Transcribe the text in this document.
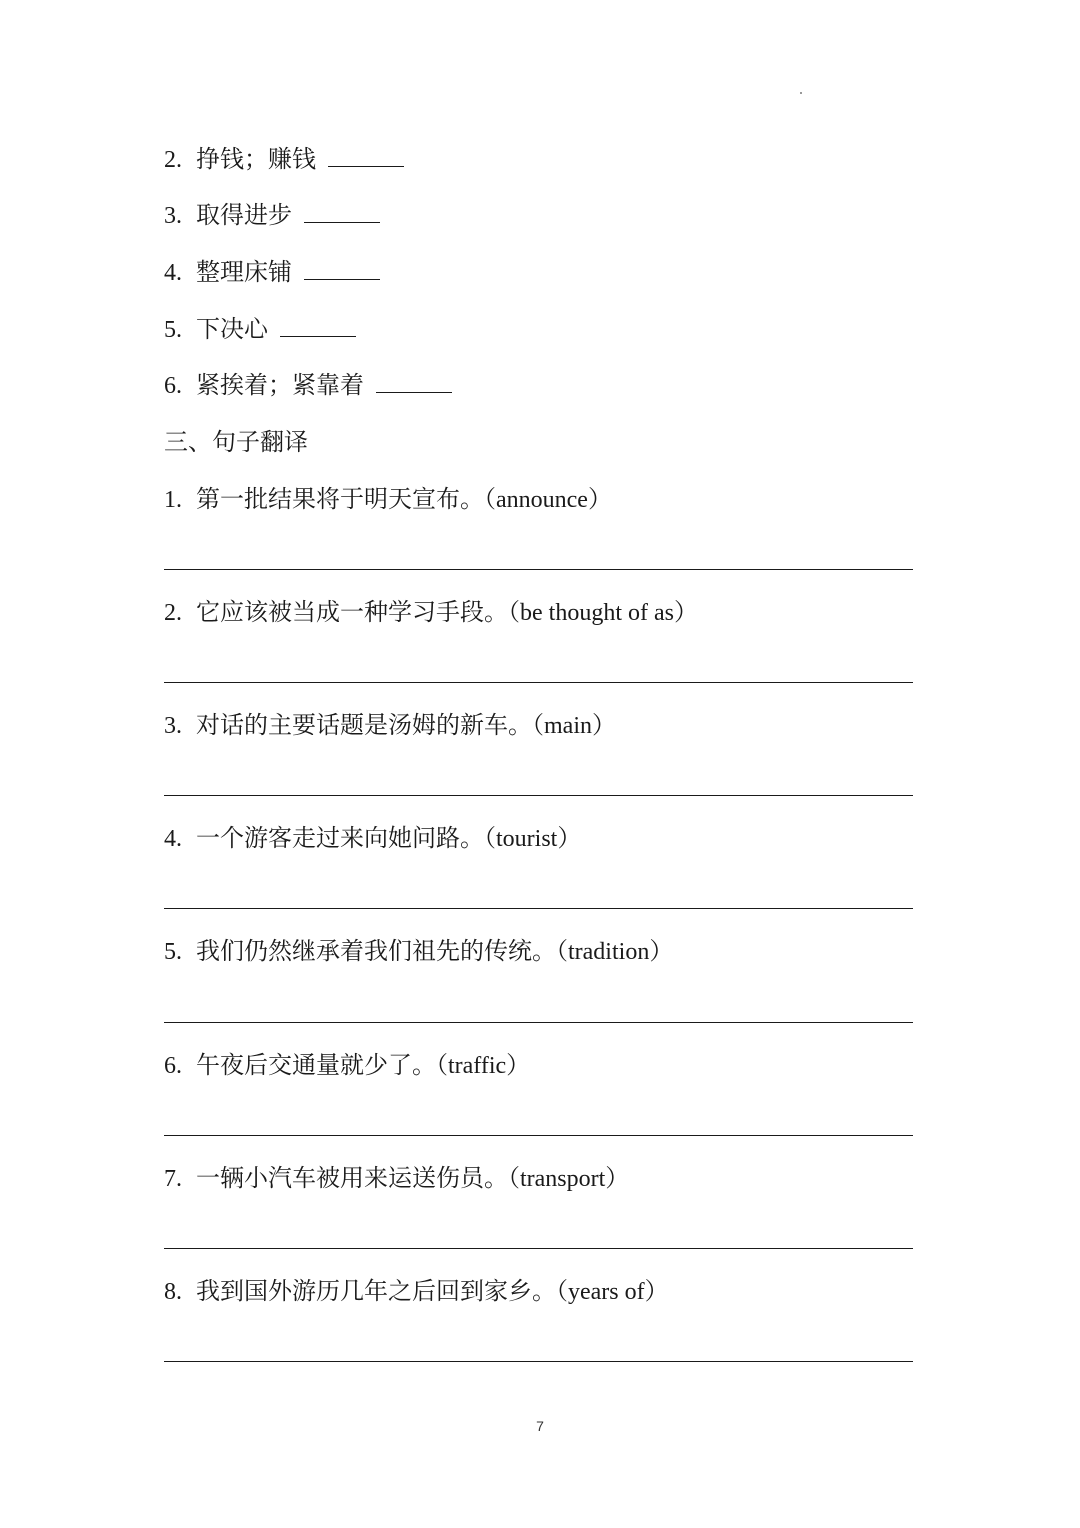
2. 挣钱；赚钱
3. 取得进步
4. 整理床铺
5. 下决心
6. 紧挨着；紧靠着
三、句子翻译
1. 第一批结果将于明天宣布。（announce）
2. 它应该被当成一种学习手段。（be thought of as）
3. 对话的主要话题是汤姆的新车。（main）
4. 一个游客走过来向她问路。（tourist）
5. 我们仍然继承着我们祖先的传统。（tradition）
6. 午夜后交通量就少了。（traffic）
7. 一辆小汽车被用来运送伤员。（transport）
8. 我到国外游历几年之后回到家乡。（years of）
7
